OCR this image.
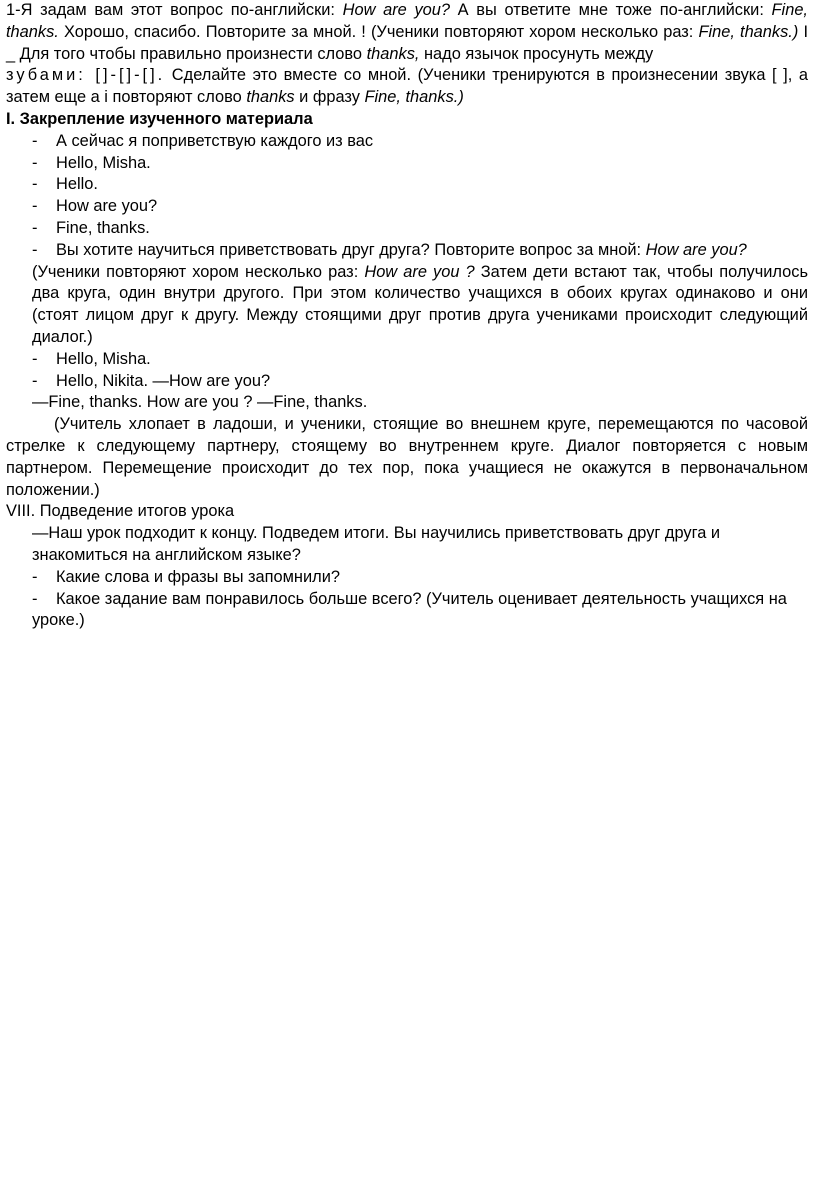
1-Я задам вам этот вопрос по-английски: How are you? А вы ответите мне тоже по-английски: Fine, thanks. Хорошо, спасибо. Повторите за мной. ! (Ученики повторяют хором несколько раз: Fine, thanks.) I _ Для того чтобы правильно произнести слово thanks, надо язычок просунуть между
зубами: []-[]-[]. Сделайте это вместе со мной. (Ученики тренируются в произнесении звука [ ], а затем еще a i повторяют слово thanks и фразу Fine, thanks.)

I. Закрепление изученного материала

- А сейчас я поприветствую каждого из вас

- Hello, Misha.

- Hello.

- How are you?

- Fine, thanks.

- Вы хотите научиться приветствовать друг друга? Повторите вопрос за мной: How are you?

(Ученики повторяют хором несколько раз: How are you ? Затем дети встают так, чтобы получилось два круга, один внутри другого. При этом количество учащихся в обоих кругах одинаково и они (стоят лицом друг к другу. Между стоящими друг против друга учениками происходит следующий диалог.)

- Hello, Misha.

- Hello, Nikita. —How are you?

—Fine, thanks. How are you ? —Fine, thanks.

(Учитель хлопает в ладоши, и ученики, стоящие во внешнем круге, перемещаются по часовой стрелке к следующему партнеру, стоящему во внутреннем круге. Диалог повторяется с новым партнером. Перемещение происходит до тех пор, пока учащиеся не окажутся в первоначальном положении.)

VIII. Подведение итогов урока

—Наш урок подходит к концу. Подведем итоги. Вы научились приветствовать друг друга и знакомиться на английском языке?

- Какие слова и фразы вы запомнили?

- Какое задание вам понравилось больше всего? (Учитель оценивает деятельность учащихся на уроке.)
